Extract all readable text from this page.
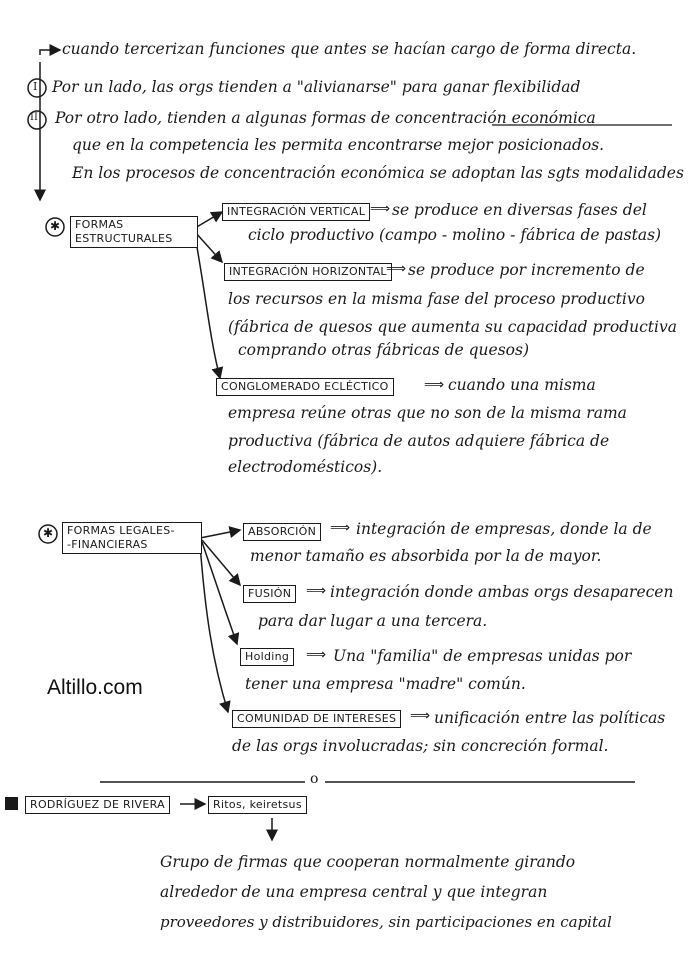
cuando tercerizan funciones que antes se hacían cargo de forma directa.
I Por un lado, las orgs tienden a "alivianarse" para ganar flexibilidad
II Por otro lado, tienden a algunas formas de concentración económica
que en la competencia les permita encontrarse mejor posicionados.
En los procesos de concentración económica se adoptan las sgts modalidades
✱ FORMAS
ESTRUCTURALES
INTEGRACIÓN VERTICAL ⟹ se produce en diversas fases del
ciclo productivo (campo - molino - fábrica de pastas)
INTEGRACIÓN HORIZONTAL ⟹ se produce por incremento de
los recursos en la misma fase del proceso productivo
(fábrica de quesos que aumenta su capacidad productiva
comprando otras fábricas de quesos)
CONGLOMERADO ECLÉCTICO	⟹ cuando una misma
empresa reúne otras que no son de la misma rama
productiva (fábrica de autos adquiere fábrica de
electrodomésticos).
✱ FORMAS LEGALES-
-FINANCIERAS
ABSORCIÓN ⟹ integración de empresas, donde la de
menor tamaño es absorbida por la de mayor.
FUSIÓN	⟹ integración donde ambas orgs desaparecen
para dar lugar a una tercera.
Holding	⟹ Una "familia" de empresas unidas por
tener una empresa "madre" común.
COMUNIDAD DE INTERESES ⟹ unificación entre las políticas
de las orgs involucradas; sin concreción formal.
Altillo.com
o
RODRÍGUEZ DE RIVERA	Ritos, keiretsus
Grupo de firmas que cooperan normalmente girando
alrededor de una empresa central y que integran
proveedores y distribuidores, sin participaciones en capital
